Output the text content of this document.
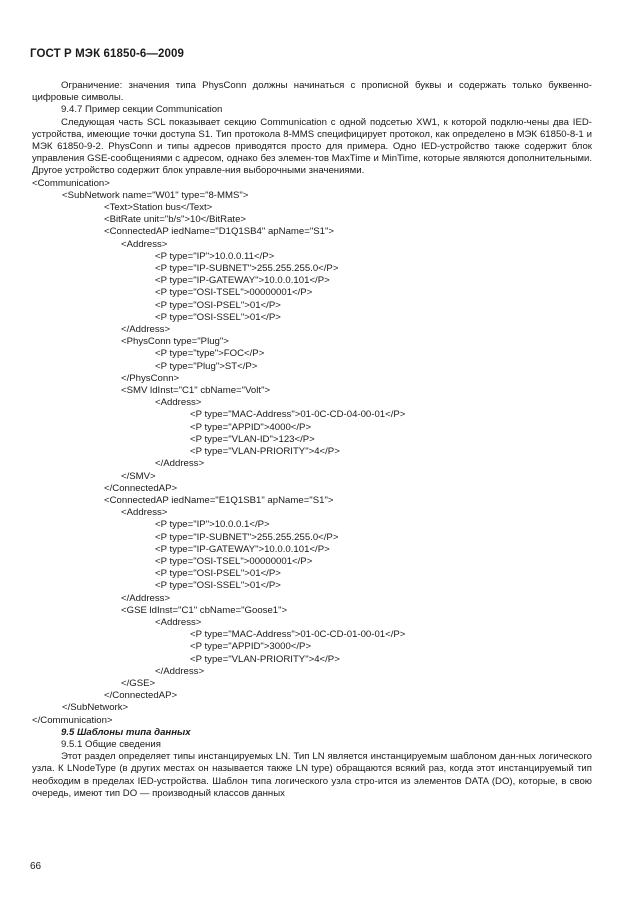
ГОСТ Р МЭК 61850-6—2009

Ограничение: значения типа PhysConn должны начинаться с прописной буквы и содержать только буквенно-цифровые символы.

9.4.7 Пример секции Communication

Следующая часть SCL показывает секцию Communication с одной подсетью XW1, к которой подклю-чены два IED-устройства, имеющие точки доступа S1. Тип протокола 8-MMS специфицирует протокол, как определено в МЭК 61850-8-1 и МЭК 61850-9-2. PhysConn и типы адресов приводятся просто для примера. Одно IED-устройство также содержит блок управления GSE-сообщениями с адресом, однако без элемен-тов MaxTime и MinTime, которые являются дополнительными. Другое устройство содержит блок управле-ния выборочными значениями.

<Communication>
<SubNetwork name="W01" type="8-MMS">
<Text>Station bus</Text>
<BitRate unit="b/s">10</BitRate>
<ConnectedAP iedName="D1Q1SB4" apName="S1">
<Address>
<P type="IP">10.0.0.11</P>
<P type="IP-SUBNET">255.255.255.0</P>
<P type="IP-GATEWAY">10.0.0.101</P>
<P type="OSI-TSEL">00000001</P>
<P type="OSI-PSEL">01</P>
<P type="OSI-SSEL">01</P>
</Address>
<PhysConn type="Plug">
<P type="type">FOC</P>
<P type="Plug">ST</P>
</PhysConn>
<SMV ldInst="C1" cbName="Volt">
<Address>
<P type="MAC-Address">01-0C-CD-04-00-01</P>
<P type="APPID">4000</P>
<P type="VLAN-ID">123</P>
<P type="VLAN-PRIORITY">4</P>
</Address>
</SMV>
</ConnectedAP>
<ConnectedAP iedName="E1Q1SB1" apName="S1">
<Address>
<P type="IP">10.0.0.1</P>
<P type="IP-SUBNET">255.255.255.0</P>
<P type="IP-GATEWAY">10.0.0.101</P>
<P type="OSI-TSEL">00000001</P>
<P type="OSI-PSEL">01</P>
<P type="OSI-SSEL">01</P>
</Address>
<GSE ldInst="C1" cbName="Goose1">
<Address>
<P type="MAC-Address">01-0C-CD-01-00-01</P>
<P type="APPID">3000</P>
<P type="VLAN-PRIORITY">4</P>
</Address>
</GSE>
</ConnectedAP>
</SubNetwork>
</Communication>

9.5 Шаблоны типа данных

9.5.1 Общие сведения

Этот раздел определяет типы инстанцируемых LN. Тип LN является инстанцируемым шаблоном дан-ных логического узла. К LNodeType (в других местах он называется также LN type) обращаются всякий раз, когда этот инстанцируемый тип необходим в пределах IED-устройства. Шаблон типа логического узла стро-ится из элементов DATA (DO), которые, в свою очередь, имеют тип DO — производный классов данных

66
